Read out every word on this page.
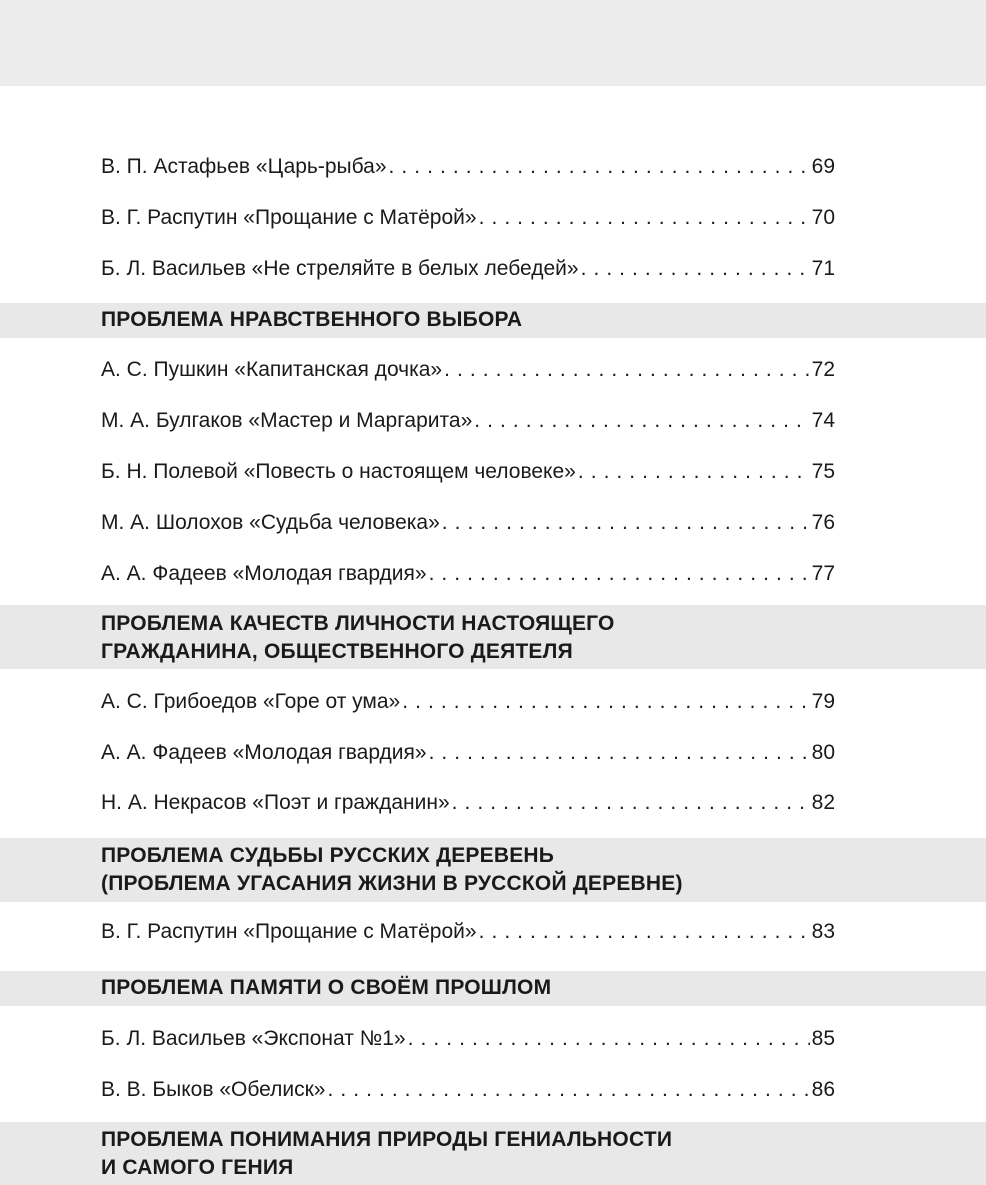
В. П. Астафьев «Царь-рыба» . . .	69
В. Г. Распутин «Прощание с Матёрой» . . .	70
Б. Л. Васильев «Не стреляйте в белых лебедей» . . .	71
ПРОБЛЕМА НРАВСТВЕННОГО ВЫБОРА
А. С. Пушкин «Капитанская дочка» . . .	72
М. А. Булгаков «Мастер и Маргарита» . . .	74
Б. Н. Полевой «Повесть о настоящем человеке» . . .	75
М. А. Шолохов «Судьба человека» . . .	76
А. А. Фадеев «Молодая гвардия» . . .	77
ПРОБЛЕМА КАЧЕСТВ ЛИЧНОСТИ НАСТОЯЩЕГО
ГРАЖДАНИНА, ОБЩЕСТВЕННОГО ДЕЯТЕЛЯ
А. С. Грибоедов «Горе от ума» . . .	79
А. А. Фадеев «Молодая гвардия» . . .	80
Н. А. Некрасов «Поэт и гражданин» . . .	82
ПРОБЛЕМА СУДЬБЫ РУССКИХ ДЕРЕВЕНЬ
(ПРОБЛЕМА УГАСАНИЯ ЖИЗНИ В РУССКОЙ ДЕРЕВНЕ)
В. Г. Распутин «Прощание с Матёрой» . . .	83
ПРОБЛЕМА ПАМЯТИ О СВОЁМ ПРОШЛОМ
Б. Л. Васильев «Экспонат №1» . . .	85
В. В. Быков «Обелиск» . . .	86
ПРОБЛЕМА ПОНИМАНИЯ ПРИРОДЫ ГЕНИАЛЬНОСТИ
И САМОГО ГЕНИЯ
